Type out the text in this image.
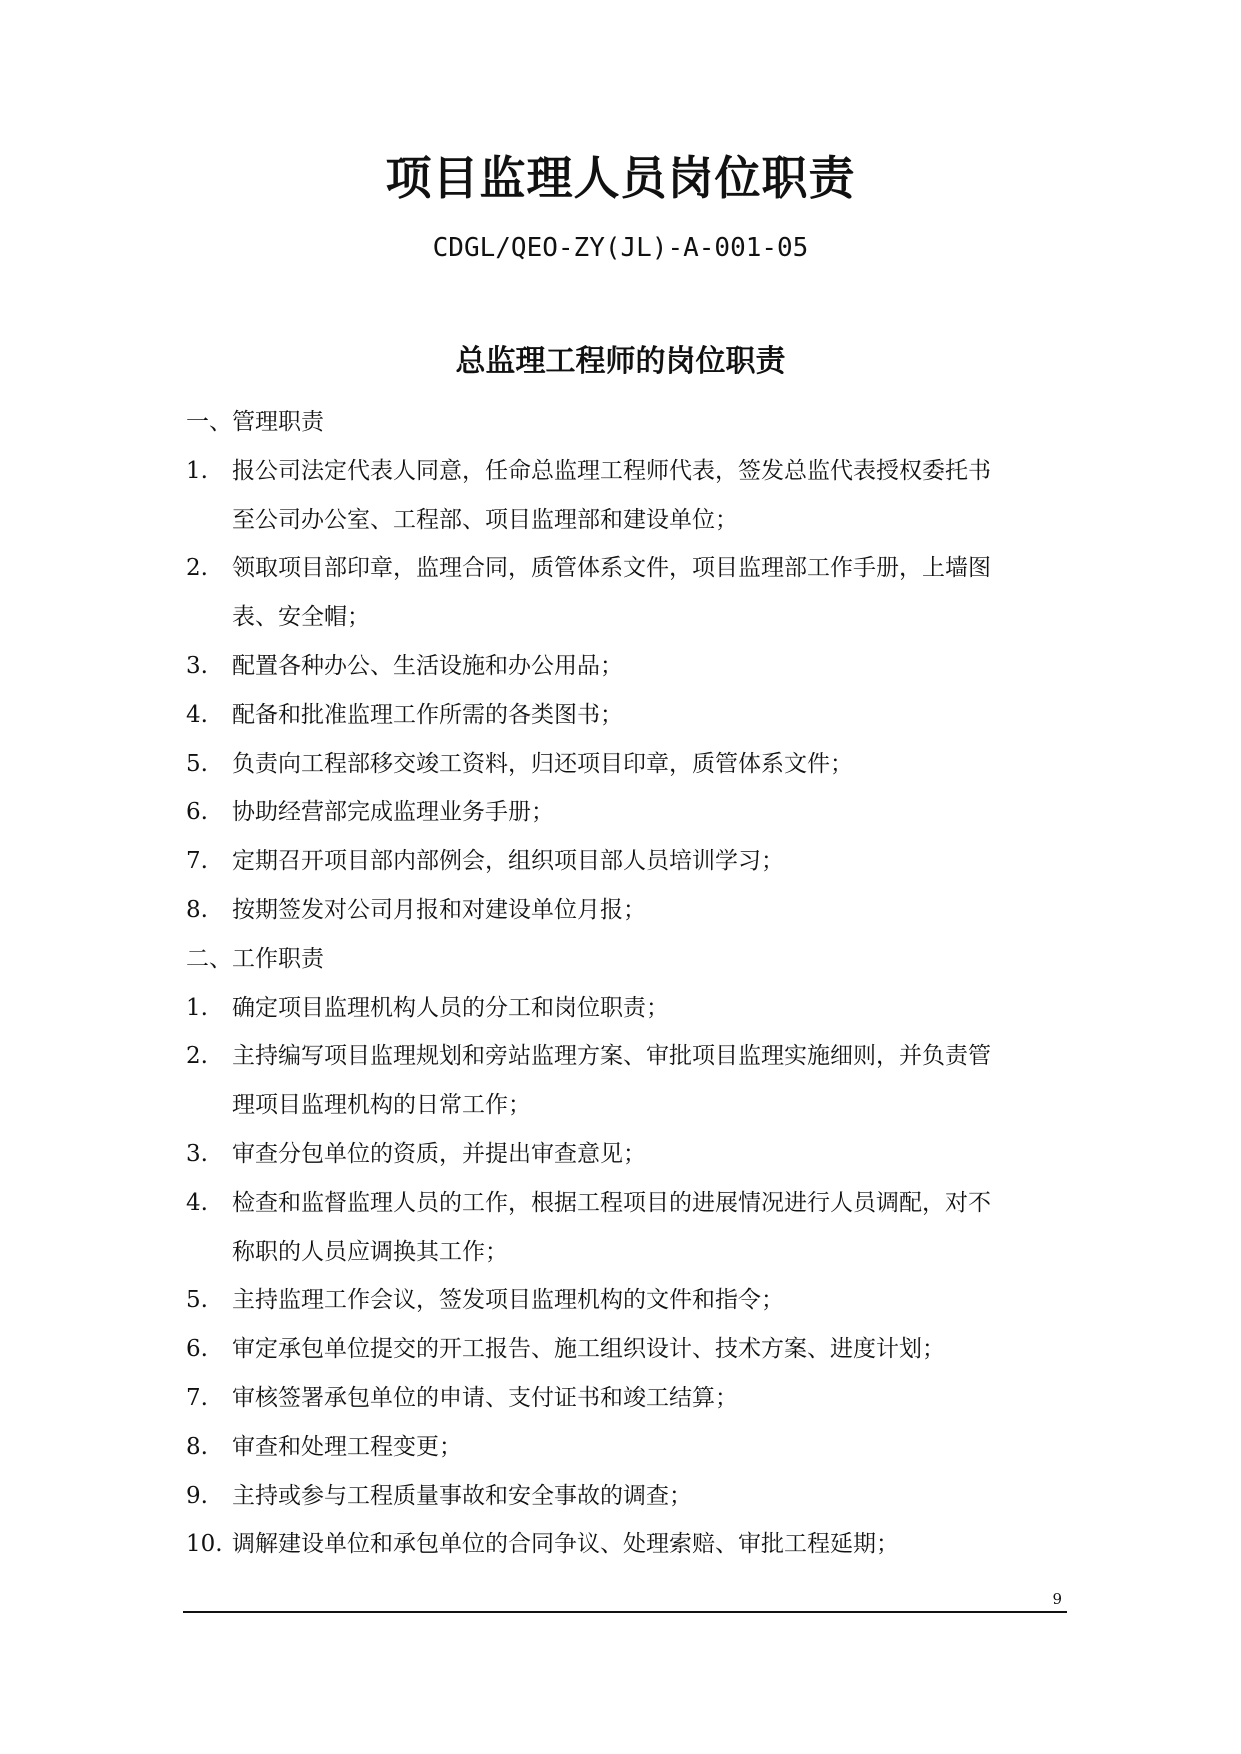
项目监理人员岗位职责
CDGL/QEO-ZY(JL)-A-001-05
总监理工程师的岗位职责
一、管理职责
1. 报公司法定代表人同意，任命总监理工程师代表，签发总监代表授权委托书
至公司办公室、工程部、项目监理部和建设单位；
2. 领取项目部印章，监理合同，质管体系文件，项目监理部工作手册，上墙图
表、安全帽；
3. 配置各种办公、生活设施和办公用品；
4. 配备和批准监理工作所需的各类图书；
5. 负责向工程部移交竣工资料，归还项目印章，质管体系文件；
6. 协助经营部完成监理业务手册；
7. 定期召开项目部内部例会，组织项目部人员培训学习；
8. 按期签发对公司月报和对建设单位月报；
二、工作职责
1. 确定项目监理机构人员的分工和岗位职责；
2. 主持编写项目监理规划和旁站监理方案、审批项目监理实施细则，并负责管
理项目监理机构的日常工作；
3. 审查分包单位的资质，并提出审查意见；
4. 检查和监督监理人员的工作，根据工程项目的进展情况进行人员调配，对不
称职的人员应调换其工作；
5. 主持监理工作会议，签发项目监理机构的文件和指令；
6. 审定承包单位提交的开工报告、施工组织设计、技术方案、进度计划；
7. 审核签署承包单位的申请、支付证书和竣工结算；
8. 审查和处理工程变更；
9. 主持或参与工程质量事故和安全事故的调查；
10. 调解建设单位和承包单位的合同争议、处理索赔、审批工程延期；
9
